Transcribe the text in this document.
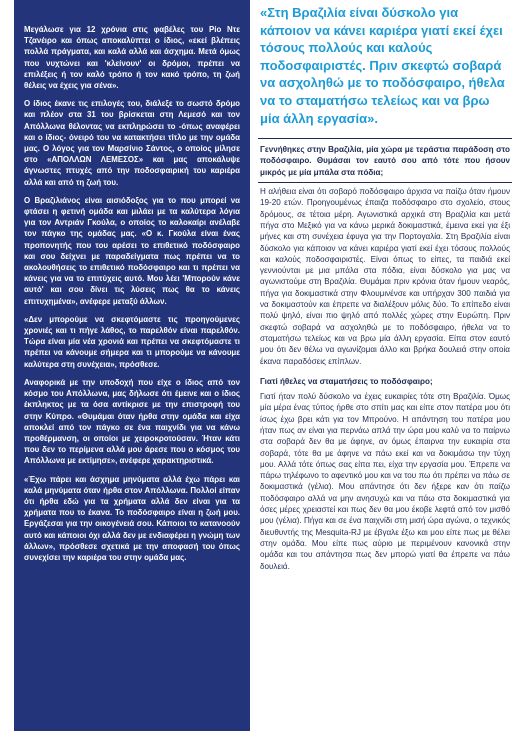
Μεγάλωσε για 12 χρόνια στις φαβέλες του Ρίο Ντε Τζανέιρο και όπως αποκαλύπτει ο ίδιος, «εκεί βλέπεις πολλά πράγματα, και καλά αλλά και άσχημα. Μετά όμως που νυχτώνει και 'κλείνουν' οι δρόμοι, πρέπει να επιλέξεις ή τον καλό τρόπο ή τον κακό τρόπο, τη ζωή θέλεις να έχεις για σένα».

Ο ίδιος έκανε τις επιλογές του, διάλεξε το σωστό δρόμο και πλέον στα 31 του βρίσκεται στη Λεμεσό και τον Απόλλωνα θέλοντας να εκπληρώσει το -όπως αναφέρει και ο ίδιος- όνειρό του να κατακτήσει τίτλο με την ομάδα μας. Ο λόγος για τον Μαρσίνιο Σάντος, ο οποίος μίλησε στο «ΑΠΟΛΛΩΝ ΛΕΜΕΣΟΣ» και μας αποκάλυψε άγνωστες πτυχές από την ποδοσφαιρική του καριέρα αλλά και από τη ζωή του.

Ο Βραζιλιάνος είναι αισιόδοξος για το που μπορεί να φτάσει η φετινή ομάδα και μιλάει με τα καλύτερα λόγια για τον Αντριάν Γκούλα, ο οποίος το καλοκαίρι ανέλαβε τον πάγκο της ομάδας μας. «Ο κ. Γκούλα είναι ένας προπονητής που του αρέσει το επιθετικό ποδόσφαιρο και σου δείχνει με παραδείγματα πως πρέπει να το ακολουθήσεις το επιθετικό ποδόσφαιρο και τι πρέπει να κάνεις για να το επιτύχεις αυτό. Μου λέει 'Μπορούν κάνε αυτό' και σου δίνει τις λύσεις πως θα το κάνεις επιτυχημένα», ανέφερε μεταξύ άλλων.

«Δεν μπορούμε να σκεφτόμαστε τις προηγούμενες χρονιές και τι πήγε λάθος, το παρελθόν είναι παρελθόν. Τώρα είναι μία νέα χρονιά και πρέπει να σκεφτόμαστε τι πρέπει να κάνουμε σήμερα και τι μπορούμε να κάνουμε καλύτερα στη συνέχεια», πρόσθεσε.

Αναφορικά με την υποδοχή που είχε ο ίδιος από τον κόσμο του Απόλλωνα, μας δήλωσε ότι έμεινε και ο ίδιος έκπληκτος με τα όσα αντίκρισε με την επιστροφή του στην Κύπρο. «Θυμάμαι όταν ήρθα στην ομάδα και είχα αποκλεί από τον πάγκο σε ένα παιχνίδι για να κάνω προθέρμανση, οι οποίοι με χειροκροτούσαν. Ήταν κάτι που δεν το περίμενα αλλά μου άρεσε που ο κόσμος του Απόλλωνα με εκτίμησε», ανέφερε χαρακτηριστικά.

«Έχω πάρει και άσχημα μηνύματα αλλά έχω πάρει και καλά μηνύματα όταν ήρθα στον Απόλλωνα. Πολλοί είπαν ότι ήρθα εδώ για τα χρήματα αλλά δεν είναι για τα χρήματα που το έκανα. Το ποδόσφαιρο είναι η ζωή μου. Εργάζεσαι για την οικογένειά σου. Κάποιοι το κατανοούν αυτό και κάποιοι όχι αλλά δεν με ενδιαφέρει η γνώμη των άλλων», πρόσθεσε σχετικά με την αποφασή του όπως συνεχίσει την καριέρα του στην ομάδα μας.

«Στη Βραζιλία είναι δύσκολο για κάποιον να κάνει καριέρα γιατί εκεί έχει τόσους πολλούς και καλούς ποδοσφαιριστές. Πριν σκεφτώ σοβαρά να ασχοληθώ με το ποδόσφαιρο, ήθελα να το σταματήσω τελείως και να βρω μία άλλη εργασία».
Γεννήθηκες στην Βραζιλία, μία χώρα με τεράστια παράδοση στο ποδόσφαιρο. Θυμάσαι τον εαυτό σου από τότε που ήσουν μικρός με μία μπάλα στα πόδια;
Η αλήθεια είναι ότι σοβαρό ποδόσφαιρο άρχισα να παίζω όταν ήμουν 19-20 ετών. Προηγουμένως έπαιζα ποδόσφαιρο στο σχολείο, στους δρόμους, σε τέτοια μέρη. Αγωνιστικά αρχικά στη Βραζιλία και μετά πήγα στο Μεξικό για να κάνω μερικά δοκιμαστικά, έμεινα εκεί για έξι μήνες και στη συνέχεια έφυγα για την Πορτογαλία. Στη Βραζιλία είναι δύσκολο για κάποιον να κάνει καριέρα γιατί εκεί έχει τόσους πολλούς και καλούς ποδοσφαιριστές. Είναι όπως το είπες, τα παιδιά εκεί γεννιούνται με μια μπάλα στα πόδια, είναι δύσκολο για μας να αγωνιστούμε στη Βραζιλία. Θυμάμαι πριν κρόνια όταν ήμουν νεαρός, πήγα για δοκιμαστικά στην Φλουμινένσε και υπήρχαν 300 παιδιά για να δοκιμαστούν και έπρεπε να διαλέξουν μόλις δύο. Το επίπεδο είναι πολύ ψηλό, είναι πιο ψηλό από πολλές χώρες στην Ευρώπη. Πριν σκεφτώ σοβαρά να ασχοληθώ με το ποδόσφαιρο, ήθελα να το σταματήσω τελείως και να βρω μία άλλη εργασία. Είπα στον εαυτό μου ότι δεν θέλω να αγωνίζομαι άλλο και βρήκα δουλειά στην οποία έκανα παραδόσεις επίπλων.
Γιατί ήθελες να σταματήσεις το ποδόσφαιρο;
Γιατί ήταν πολύ δύσκολο να έχεις ευκαιρίες τότε στη Βραζιλία. Όμως μία μέρα ένας τύπος ήρθε στο σπίτι μας και είπε στον πατέρα μου ότι ίσως έχω βρει κάτι για τον Μπρούνο. Η απάντηση του πατέρα μου ήταν πως αν είναι για περνάω απλά την ώρα μου καλύ να το παίρνω στα σοβαρά δεν θα με άφηνε, αν όμως έπαιρνα την ευκαιρία στα σοβαρά, τότε θα με άφηνε να πάω εκεί και να δοκιμάσω την τύχη μου. Αλλά τότε όπως σας είπα πει, είχα την εργασία μου. Έπρεπε να πάρω τηλέφωνο το αφεντικό μου και να του πω ότι πρέπει να πάω σε δοκιμαστικά (γέλια). Μου απάντησε ότι δεν ήξερε καν ότι παίζω ποδόσφαιρο αλλά να μην ανησυχώ και να πάω στα δοκιμαστικά για όσες μέρες χρειαστεί και πως δεν θα μου έκοβε λεφτά από τον μισθό μου (γέλια). Πήγα και σε ένα παιχνίδι στη μισή ώρα αγώνα, ο τεχνικός διευθυντής της Mesquita-RJ με έβγαλε έξω και μου είπε πως με θέλει στην ομάδα. Μου είπε πως αύριο με περιμένουν κανονικά στην ομάδα και του απάντησα πως δεν μπορώ γιατί θα έπρεπε να πάω δουλειά.
